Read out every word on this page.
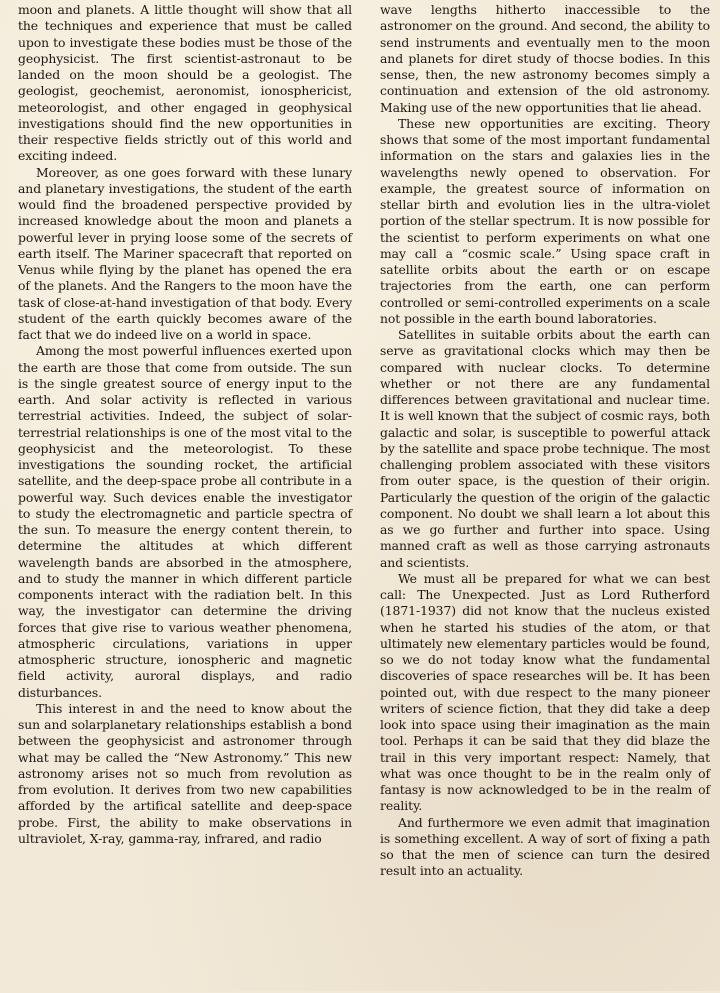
moon and planets. A little thought will show that all the techniques and experience that must be called upon to investigate these bodies must be those of the geophysicist. The first scientist-astronaut to be landed on the moon should be a geologist. The geologist, geochemist, aeronomist, ionosphericist, meteorologist, and other engaged in geophysical investigations should find the new opportunities in their respective fields strictly out of this world and exciting indeed.

Moreover, as one goes forward with these lunary and planetary investigations, the student of the earth would find the broadened perspective provided by increased knowledge about the moon and planets a powerful lever in prying loose some of the secrets of earth itself. The Mariner spacecraft that reported on Venus while flying by the planet has opened the era of the planets. And the Rangers to the moon have the task of close-at-hand investigation of that body. Every student of the earth quickly becomes aware of the fact that we do indeed live on a world in space.

Among the most powerful influences exerted upon the earth are those that come from outside. The sun is the single greatest source of energy input to the earth. And solar activity is reflected in various terrestrial activities. Indeed, the subject of solar-terrestrial relationships is one of the most vital to the geophysicist and the meteorologist. To these investigations the sounding rocket, the artificial satellite, and the deep-space probe all contribute in a powerful way. Such devices enable the investigator to study the electromagnetic and particle spectra of the sun. To measure the energy content therein, to determine the altitudes at which different wavelength bands are absorbed in the atmosphere, and to study the manner in which different particle components interact with the radiation belt. In this way, the investigator can determine the driving forces that give rise to various weather phenomena, atmospheric circulations, variations in upper atmospheric structure, ionospheric and magnetic field activity, auroral displays, and radio disturbances.

This interest in and the need to know about the sun and solarplanetary relationships establish a bond between the geophysicist and astronomer through what may be called the “New Astronomy.” This new astronomy arises not so much from revolution as from evolution. It derives from two new capabilities afforded by the artifical satellite and deep-space probe. First, the ability to make observations in ultraviolet, X-ray, gamma-ray, infrared, and radio

wave lengths hitherto inaccessible to the astronomer on the ground. And second, the ability to send instruments and eventually men to the moon and planets for diret study of thocse bodies. In this sense, then, the new astronomy becomes simply a continuation and extension of the old astronomy. Making use of the new opportunities that lie ahead.

These new opportunities are exciting. Theory shows that some of the most important fundamental information on the stars and galaxies lies in the wavelengths newly opened to observation. For example, the greatest source of information on stellar birth and evolution lies in the ultra-violet portion of the stellar spectrum. It is now possible for the scientist to perform experiments on what one may call a “cosmic scale.” Using space craft in satellite orbits about the earth or on escape trajectories from the earth, one can perform controlled or semi-controlled experiments on a scale not possible in the earth bound laboratories.

Satellites in suitable orbits about the earth can serve as gravitational clocks which may then be compared with nuclear clocks. To determine whether or not there are any fundamental differences between gravitational and nuclear time. It is well known that the subject of cosmic rays, both galactic and solar, is susceptible to powerful attack by the satellite and space probe technique. The most challenging problem associated with these visitors from outer space, is the question of their origin. Particularly the question of the origin of the galactic component. No doubt we shall learn a lot about this as we go further and further into space. Using manned craft as well as those carrying astronauts and scientists.

We must all be prepared for what we can best call: The Unexpected. Just as Lord Rutherford (1871-1937) did not know that the nucleus existed when he started his studies of the atom, or that ultimately new elementary particles would be found, so we do not today know what the fundamental discoveries of space researches will be. It has been pointed out, with due respect to the many pioneer writers of science fiction, that they did take a deep look into space using their imagination as the main tool. Perhaps it can be said that they did blaze the trail in this very important respect: Namely, that what was once thought to be in the realm only of fantasy is now acknowledged to be in the realm of reality.

And furthermore we even admit that imagination is something excellent. A way of sort of fixing a path so that the men of science can turn the desired result into an actuality.
